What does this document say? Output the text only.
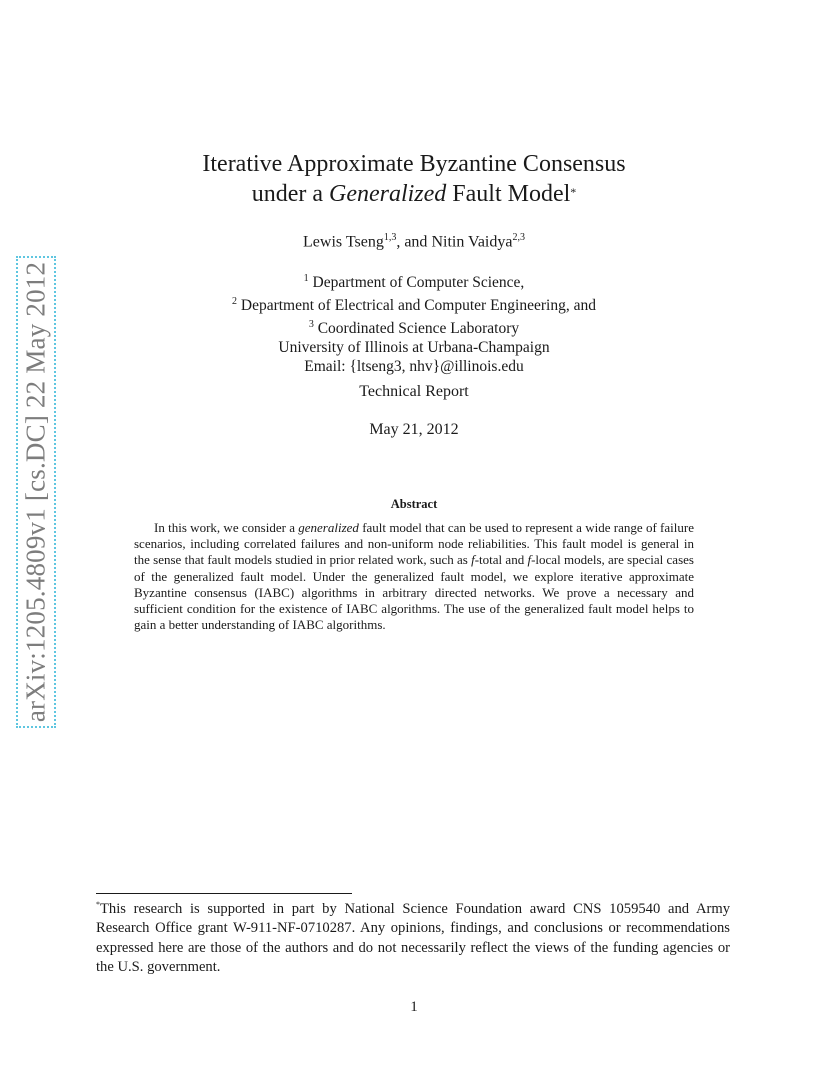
arXiv:1205.4809v1 [cs.DC] 22 May 2012
Iterative Approximate Byzantine Consensus
under a Generalized Fault Model*
Lewis Tseng$^{1,3}$, and Nitin Vaidya$^{2,3}$
$^1$ Department of Computer Science,
$^2$ Department of Electrical and Computer Engineering, and
$^3$ Coordinated Science Laboratory
University of Illinois at Urbana-Champaign
Email: {ltseng3, nhv}@illinois.edu
Technical Report
May 21, 2012
Abstract

In this work, we consider a generalized fault model that can be used to represent a wide range of failure scenarios, including correlated failures and non-uniform node reliabilities. This fault model is general in the sense that fault models studied in prior related work, such as f-total and f-local models, are special cases of the generalized fault model. Under the generalized fault model, we explore iterative approximate Byzantine consensus (IABC) algorithms in arbitrary directed networks. We prove a necessary and sufficient condition for the existence of IABC algorithms. The use of the generalized fault model helps to gain a better understanding of IABC algorithms.

*This research is supported in part by National Science Foundation award CNS 1059540 and Army Research Office grant W-911-NF-0710287. Any opinions, findings, and conclusions or recommendations expressed here are those of the authors and do not necessarily reflect the views of the funding agencies or the U.S. government.

1
